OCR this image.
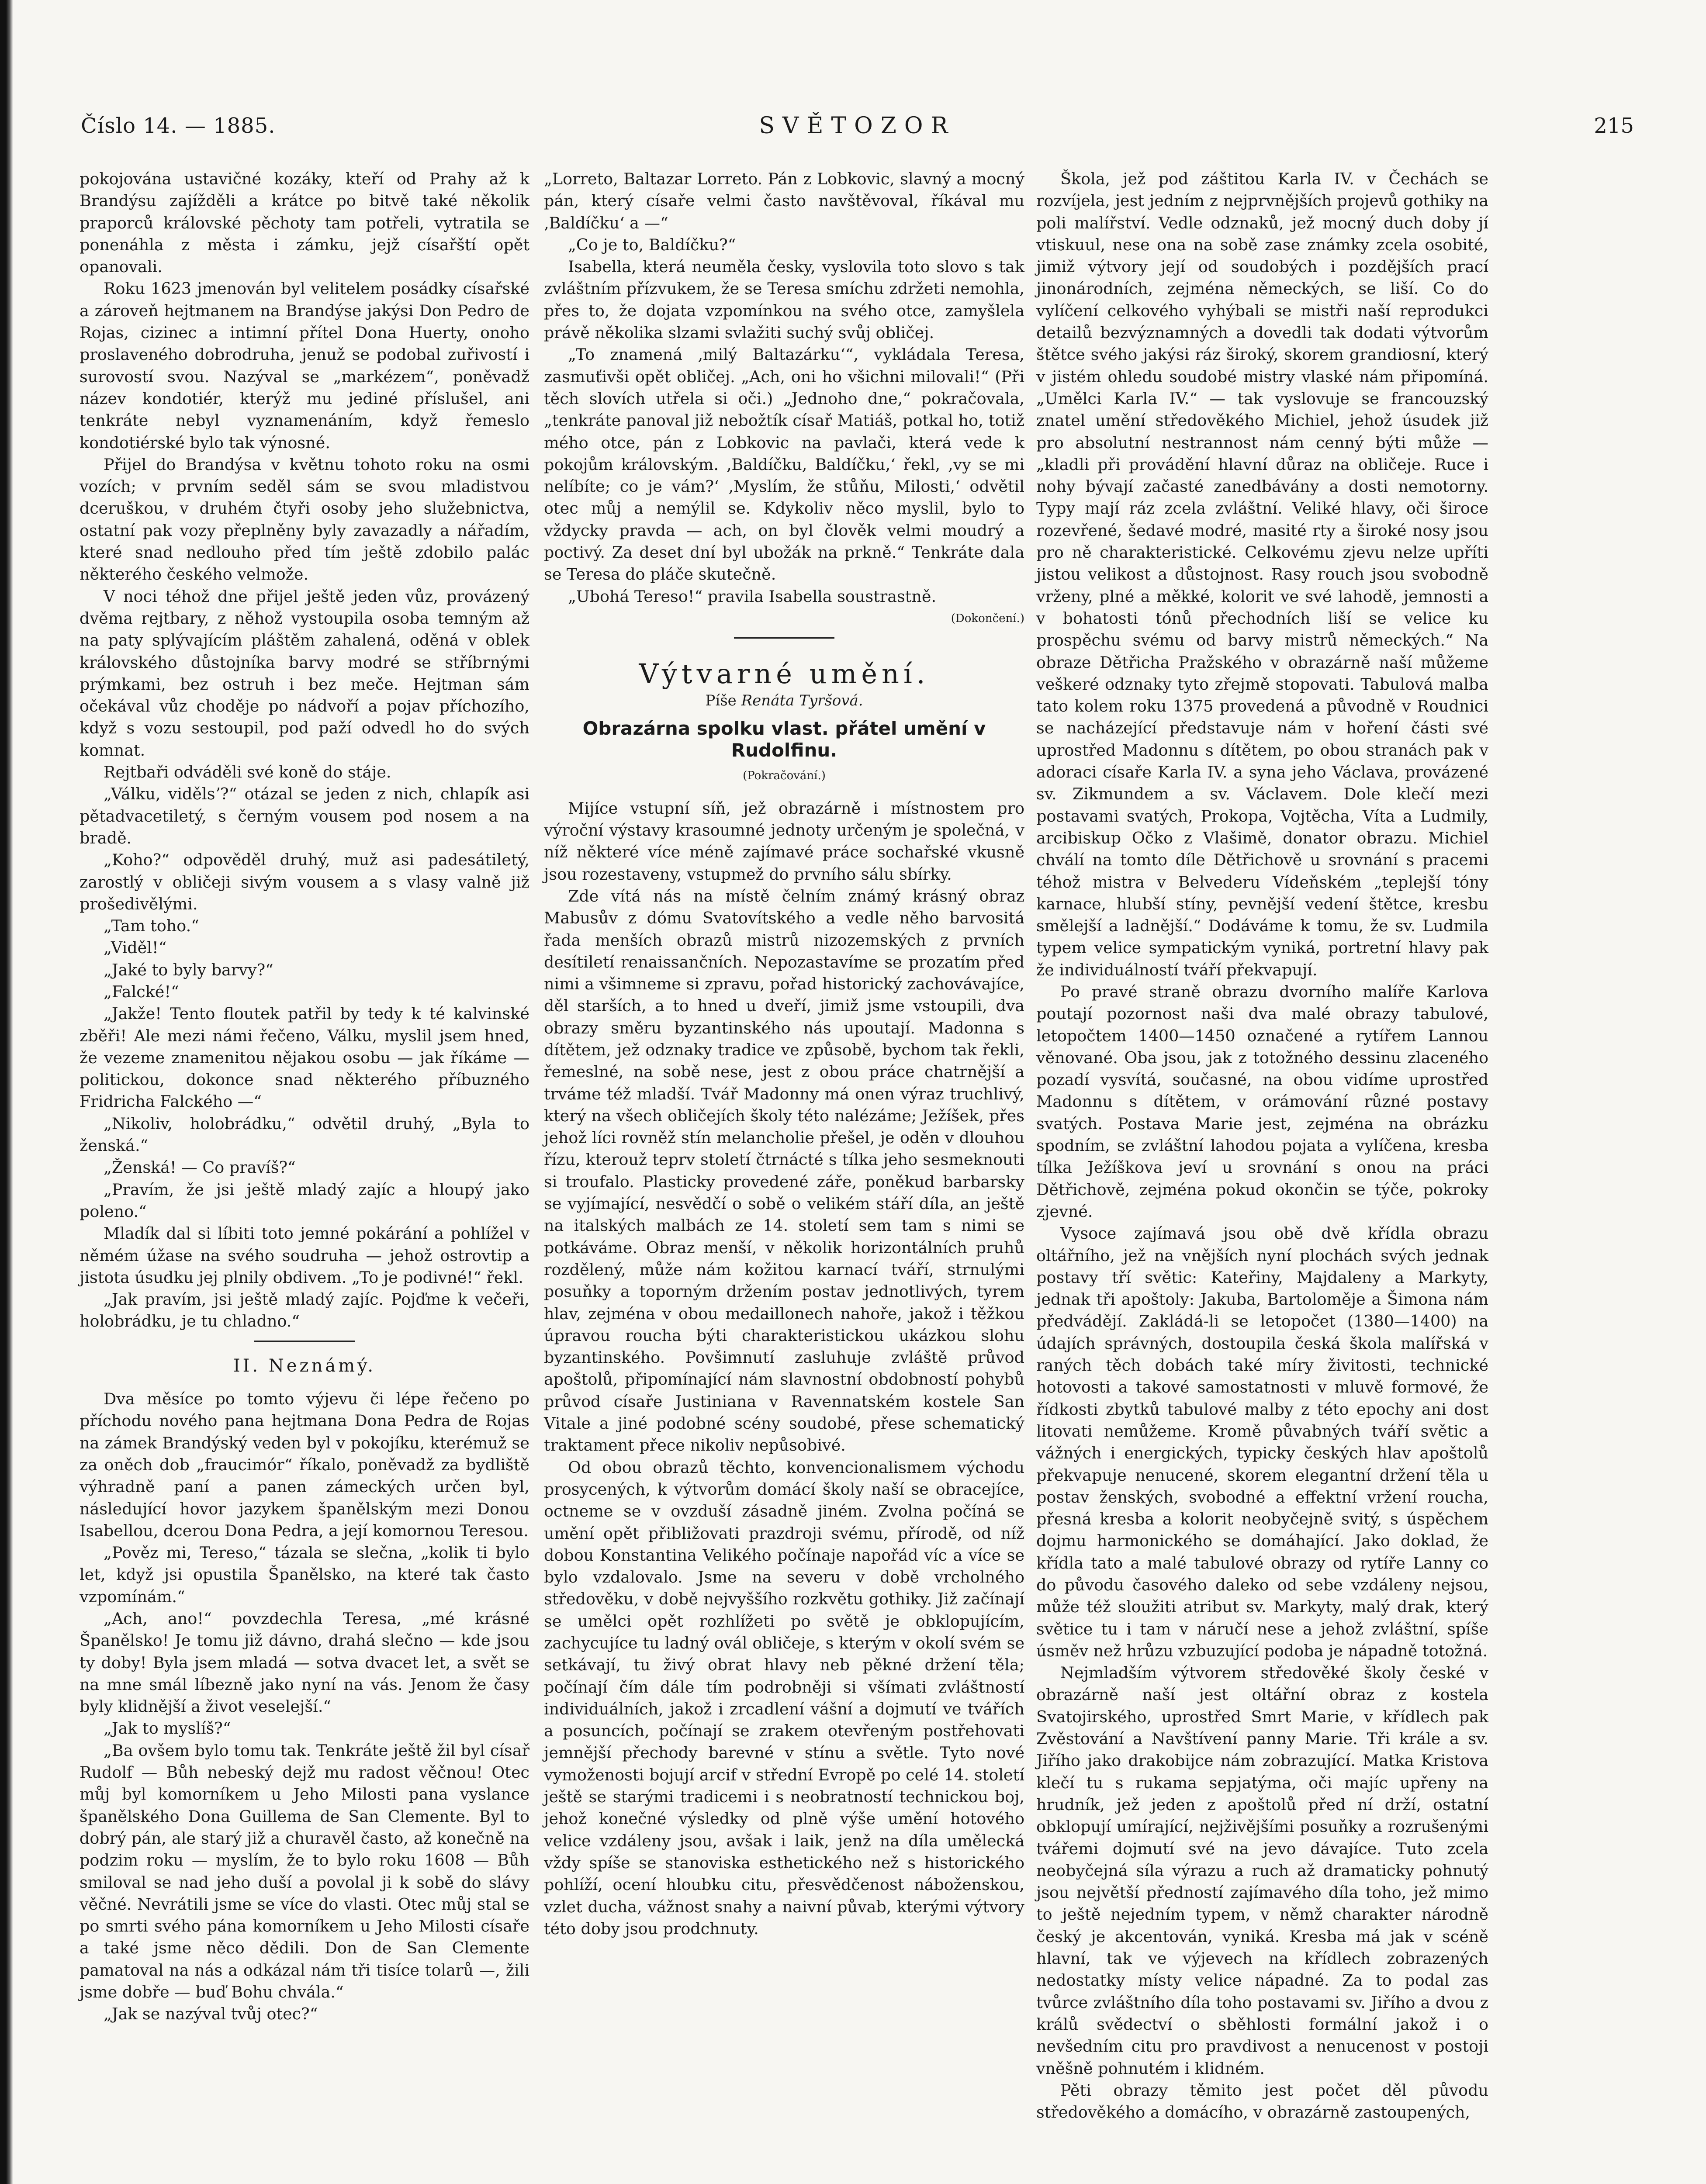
Číslo 14. — 1885.	SVĚTOZOR	215

pokojována ustavičné kozáky, kteří od Prahy až k Brandýsu zajížděli a krátce po bitvě také několik praporců královské pěchoty tam potřeli, vytratila se ponenáhla z města i zámku, jejž císařští opět opanovali.

Roku 1623 jmenován byl velitelem posádky císařské a zároveň hejtmanem na Brandýse jakýsi Don Pedro de Rojas, cizinec a intimní přítel Dona Huerty, onoho proslaveného dobrodruha, jenuž se podobal zuřivostí i surovostí svou. Nazýval se „markézem“, poněvadž název kondotiér, kterýž mu jediné příslušel, ani tenkráte nebyl vyznamenáním, když řemeslo kondotiérské bylo tak výnosné.

Přijel do Brandýsa v květnu tohoto roku na osmi vozích; v prvním seděl sám se svou mladistvou dceruškou, v druhém čtyři osoby jeho služebnictva, ostatní pak vozy přeplněny byly zavazadly a nářadím, které snad nedlouho před tím ještě zdobilo palác některého českého velmože.

V noci téhož dne přijel ještě jeden vůz, provázený dvěma rejtbary, z něhož vystoupila osoba temným až na paty splývajícím pláštěm zahalená, oděná v oblek královského důstojníka barvy modré se stříbrnými prýmkami, bez ostruh i bez meče. Hejtman sám očekával vůz choděje po nádvoří a pojav příchozího, když s vozu sestoupil, pod paží odvedl ho do svých komnat.

Rejtbaři odváděli své koně do stáje.

„Válku, vidělsʼ?“ otázal se jeden z nich, chlapík asi pětadvacetiletý, s černým vousem pod nosem a na bradě.

„Koho?“ odpověděl druhý, muž asi padesátiletý, zarostlý v obličeji sivým vousem a s vlasy valně již prošedivělými.

„Tam toho.“

„Viděl!“

„Jaké to byly barvy?“

„Falcké!“

„Jakže! Tento floutek patřil by tedy k té kalvinské zběři! Ale mezi námi řečeno, Válku, myslil jsem hned, že vezeme znamenitou nějakou osobu — jak říkáme — politickou, dokonce snad některého příbuzného Fridricha Falckého —“

„Nikoliv, holobrádku,“ odvětil druhý, „Byla to ženská.“

„Ženská! — Co pravíš?“

„Pravím, že jsi ještě mladý zajíc a hloupý jako poleno.“

Mladík dal si líbiti toto jemné pokárání a pohlížel v němém úžase na svého soudruha — jehož ostrovtip a jistota úsudku jej plnily obdivem. „To je podivné!“ řekl.

„Jak pravím, jsi ještě mladý zajíc. Pojďme k večeři, holobrádku, je tu chladno.“

II. Neznámý.

Dva měsíce po tomto výjevu či lépe řečeno po příchodu nového pana hejtmana Dona Pedra de Rojas na zámek Brandýský veden byl v pokojíku, kterémuž se za oněch dob „fraucimór“ říkalo, poněvadž za bydliště výhradně paní a panen zámeckých určen byl, následující hovor jazykem španělským mezi Donou Isabellou, dcerou Dona Pedra, a její komornou Teresou.

„Pověz mi, Tereso,“ tázala se slečna, „kolik ti bylo let, když jsi opustila Španělsko, na které tak často vzpomínám.“

„Ach, ano!“ povzdechla Teresa, „mé krásné Španělsko! Je tomu již dávno, drahá slečno — kde jsou ty doby! Byla jsem mladá — sotva dvacet let, a svět se na mne smál líbezně jako nyní na vás. Jenom že časy byly klidnější a život veselejší.“

„Jak to myslíš?“

„Ba ovšem bylo tomu tak. Tenkráte ještě žil byl císař Rudolf — Bůh nebeský dejž mu radost věčnou! Otec můj byl komorníkem u Jeho Milosti pana vyslance španělského Dona Guillema de San Clemente. Byl to dobrý pán, ale starý již a churavěl často, až konečně na podzim roku — myslím, že to bylo roku 1608 — Bůh smiloval se nad jeho duší a povolal ji k sobě do slávy věčné. Nevrátili jsme se více do vlasti. Otec můj stal se po smrti svého pána komorníkem u Jeho Milosti císaře a také jsme něco dědili. Don de San Clemente pamatoval na nás a odkázal nám tři tisíce tolarů —, žili jsme dobře — buď Bohu chvála.“

„Jak se nazýval tvůj otec?“

„Lorreto, Baltazar Lorreto. Pán z Lobkovic, slavný a mocný pán, který císaře velmi často navštěvoval, říkával mu ‚Baldíčku‘ a —“

„Co je to, Baldíčku?“

Isabella, která neuměla česky, vyslovila toto slovo s tak zvláštním přízvukem, že se Teresa smíchu zdržeti nemohla, přes to, že dojata vzpomínkou na svého otce, zamyšlela právě několika slzami svlažiti suchý svůj obličej.

„To znamená ‚milý Baltazárku‘“, vykládala Teresa, zasmuťivši opět obličej. „Ach, oni ho všichni milovali!“ (Při těch slovích utřela si oči.) „Jednoho dne,“ pokračovala, „tenkráte panoval již nebožtík císař Matiáš, potkal ho, totiž mého otce, pán z Lobkovic na pavlači, která vede k pokojům královským. ‚Baldíčku, Baldíčku,‘ řekl, ‚vy se mi nelíbíte; co je vám?‘ ‚Myslím, že stůňu, Milosti,‘ odvětil otec můj a nemýlil se. Kdykoliv něco myslil, bylo to vždycky pravda — ach, on byl člověk velmi moudrý a poctivý. Za deset dní byl ubožák na prkně.“ Tenkráte dala se Teresa do pláče skutečně.

„Ubohá Tereso!“ pravila Isabella soustrastně.

(Dokončení.)

Výtvarné umění.
Píše Renáta Tyršová.
Obrazárna spolku vlast. přátel umění v Rudolfinu.
(Pokračování.)

Mijíce vstupní síň, jež obrazárně i místnostem pro výroční výstavy krasoumné jednoty určeným je společná, v níž některé více méně zajímavé práce sochařské vkusně jsou rozestaveny, vstupmež do prvního sálu sbírky.

Zde vítá nás na místě čelním známý krásný obraz Mabusův z dómu Svatovítského a vedle něho barvositá řada menších obrazů mistrů nizozemských z prvních desítiletí renaissančních. Nepozastavíme se prozatím před nimi a všimneme si zpravu, pořad historický zachovávajíce, děl starších, a to hned u dveří, jimiž jsme vstoupili, dva obrazy směru byzantinského nás upoutají. Madonna s dítětem, jež odznaky tradice ve způsobě, bychom tak řekli, řemeslné, na sobě nese, jest z obou práce chatrnější a trváme též mladší. Tvář Madonny má onen výraz truchlivý, který na všech obličejích školy této nalézáme; Ježíšek, přes jehož líci rovněž stín melancholie přešel, je oděn v dlouhou řízu, kterouž teprv století čtrnácté s tílka jeho sesmeknouti si troufalo. Plasticky provedené záře, poněkud barbarsky se vyjímající, nesvědčí o sobě o velikém stáří díla, an ještě na italských malbách ze 14. století sem tam s nimi se potkáváme. Obraz menší, v několik horizontálních pruhů rozdělený, může nám kožitou karnací tváří, strnulými posuňky a toporným držením postav jednotlivých, tyrem hlav, zejména v obou medaillonech nahoře, jakož i těžkou úpravou roucha býti charakteristickou ukázkou slohu byzantinského. Povšimnutí zasluhuje zvláště průvod apoštolů, připomínající nám slavnostní obdobností pohybů průvod císaře Justiniana v Ravennatském kostele San Vitale a jiné podobné scény soudobé, přese schematický traktament přece nikoliv nepůsobivé.

Od obou obrazů těchto, konvencionalismem východu prosycených, k výtvorům domácí školy naší se obracejíce, octneme se v ovzduší zásadně jiném. Zvolna počíná se umění opět přibližovati prazdroji svému, přírodě, od níž dobou Konstantina Velikého počínaje napořád víc a více se bylo vzdalovalo. Jsme na severu v době vrcholného středověku, v době nejvyššího rozkvětu gothiky. Již začínají se umělci opět rozhlížeti po světě je obklopujícím, zachycujíce tu ladný ovál obličeje, s kterým v okolí svém se setkávají, tu živý obrat hlavy neb pěkné držení těla; počínají čím dále tím podrobněji si všímati zvláštností individuálních, jakož i zrcadlení vášní a dojmutí ve tvářích a posuncích, počínají se zrakem otevřeným postřehovati jemnější přechody barevné v stínu a světle. Tyto nové vymoženosti bojují arcif v střední Evropě po celé 14. století ještě se starými tradicemi i s neobratností technickou boj, jehož konečné výsledky od plně výše umění hotového velice vzdáleny jsou, avšak i laik, jenž na díla umělecká vždy spíše se stanoviska esthetického než s historického pohlíží, ocení hloubku citu, přesvědčenost náboženskou, vzlet ducha, vážnost snahy a naivní půvab, kterými výtvory této doby jsou prodchnuty.

Škola, jež pod záštitou Karla IV. v Čechách se rozvíjela, jest jedním z nejprvnějších projevů gothiky na poli malířství. Vedle odznaků, jež mocný duch doby jí vtiskuul, nese ona na sobě zase známky zcela osobité, jimiž výtvory její od soudobých i pozdějších prací jinonárodních, zejména německých, se liší. Co do vylíčení celkového vyhýbali se mistři naší reprodukci detailů bezvýznamných a dovedli tak dodati výtvorům štětce svého jakýsi ráz široký, skorem grandiosní, který v jistém ohledu soudobé mistry vlaské nám připomíná. „Umělci Karla IV.“ — tak vyslovuje se francouzský znatel umění středověkého Michiel, jehož úsudek již pro absolutní nestrannost nám cenný býti může — „kladli při provádění hlavní důraz na obličeje. Ruce i nohy bývají začasté zanedbávány a dosti nemotorny. Typy mají ráz zcela zvláštní. Veliké hlavy, oči široce rozevřené, šedavé modré, masité rty a široké nosy jsou pro ně charakteristické. Celkovému zjevu nelze upříti jistou velikost a důstojnost. Rasy rouch jsou svobodně vrženy, plné a měkké, kolorit ve své lahodě, jemnosti a v bohatosti tónů přechodních liší se velice ku prospěchu svému od barvy mistrů německých.“ Na obraze Dětřicha Pražského v obrazárně naší můžeme veškeré odznaky tyto zřejmě stopovati. Tabulová malba tato kolem roku 1375 provedená a původně v Roudnici se nacházející představuje nám v hoření části své uprostřed Madonnu s dítětem, po obou stranách pak v adoraci císaře Karla IV. a syna jeho Václava, provázené sv. Zikmundem a sv. Václavem. Dole klečí mezi postavami svatých, Prokopa, Vojtěcha, Víta a Ludmily, arcibiskup Očko z Vlašimě, donator obrazu. Michiel chválí na tomto díle Dětřichově u srovnání s pracemi téhož mistra v Belvederu Vídeňském „teplejší tóny karnace, hlubší stíny, pevnější vedení štětce, kresbu smělejší a ladnější.“ Dodáváme k tomu, že sv. Ludmila typem velice sympatickým vyniká, portretní hlavy pak že individuálností tváří překvapují.

Po pravé straně obrazu dvorního malíře Karlova poutají pozornost naši dva malé obrazy tabulové, letopočtem 1400—1450 označené a rytířem Lannou věnované. Oba jsou, jak z totožného dessinu zlaceného pozadí vysvítá, současné, na obou vidíme uprostřed Madonnu s dítětem, v orámování různé postavy svatých. Postava Marie jest, zejména na obrázku spodním, se zvláštní lahodou pojata a vylíčena, kresba tílka Ježíškova jeví u srovnání s onou na práci Dětřichově, zejména pokud okončin se týče, pokroky zjevné.

Vysoce zajímavá jsou obě dvě křídla obrazu oltářního, jež na vnějších nyní plochách svých jednak postavy tří světic: Kateřiny, Majdaleny a Markyty, jednak tři apoštoly: Jakuba, Bartoloměje a Šimona nám předvádějí. Zakládá-li se letopočet (1380—1400) na údajích správných, dostoupila česká škola malířská v raných těch dobách také míry živitosti, technické hotovosti a takové samostatnosti v mluvě formové, že řídkosti zbytků tabulové malby z této epochy ani dost litovati nemůžeme. Kromě půvabných tváří světic a vážných i energických, typicky českých hlav apoštolů překvapuje nenucené, skorem elegantní držení těla u postav ženských, svobodné a effektní vržení roucha, přesná kresba a kolorit neobyčejně svitý, s úspěchem dojmu harmonického se domáhající. Jako doklad, že křídla tato a malé tabulové obrazy od rytíře Lanny co do původu časového daleko od sebe vzdáleny nejsou, může též sloužiti atribut sv. Markyty, malý drak, který světice tu i tam v náručí nese a jehož zvláštní, spíše úsměv než hrůzu vzbuzující podoba je nápadně totožná.

Nejmladším výtvorem středověké školy české v obrazárně naší jest oltářní obraz z kostela Svatojirského, uprostřed Smrt Marie, v křídlech pak Zvěstování a Navštívení panny Marie. Tři krále a sv. Jiřího jako drakobijce nám zobrazující. Matka Kristova klečí tu s rukama sepjatýma, oči majíc upřeny na hrudník, jež jeden z apoštolů před ní drží, ostatní obklopují umírající, nejživějšími posuňky a rozrušenými tvářemi dojmutí své na jevo dávajíce. Tuto zcela neobyčejná síla výrazu a ruch až dramaticky pohnutý jsou největší předností zajímavého díla toho, jež mimo to ještě nejedním typem, v němž charakter národně český je akcentován, vyniká. Kresba má jak v scéně hlavní, tak ve výjevech na křídlech zobrazených nedostatky místy velice nápadné. Za to podal zas tvůrce zvláštního díla toho postavami sv. Jiřího a dvou z králů svědectví o sběhlosti formální jakož i o nevšedním citu pro pravdivost a nenucenost v postoji vněšně pohnutém i klidném.

Pěti obrazy těmito jest počet děl původu středověkého a domácího, v obrazárně zastoupených,
